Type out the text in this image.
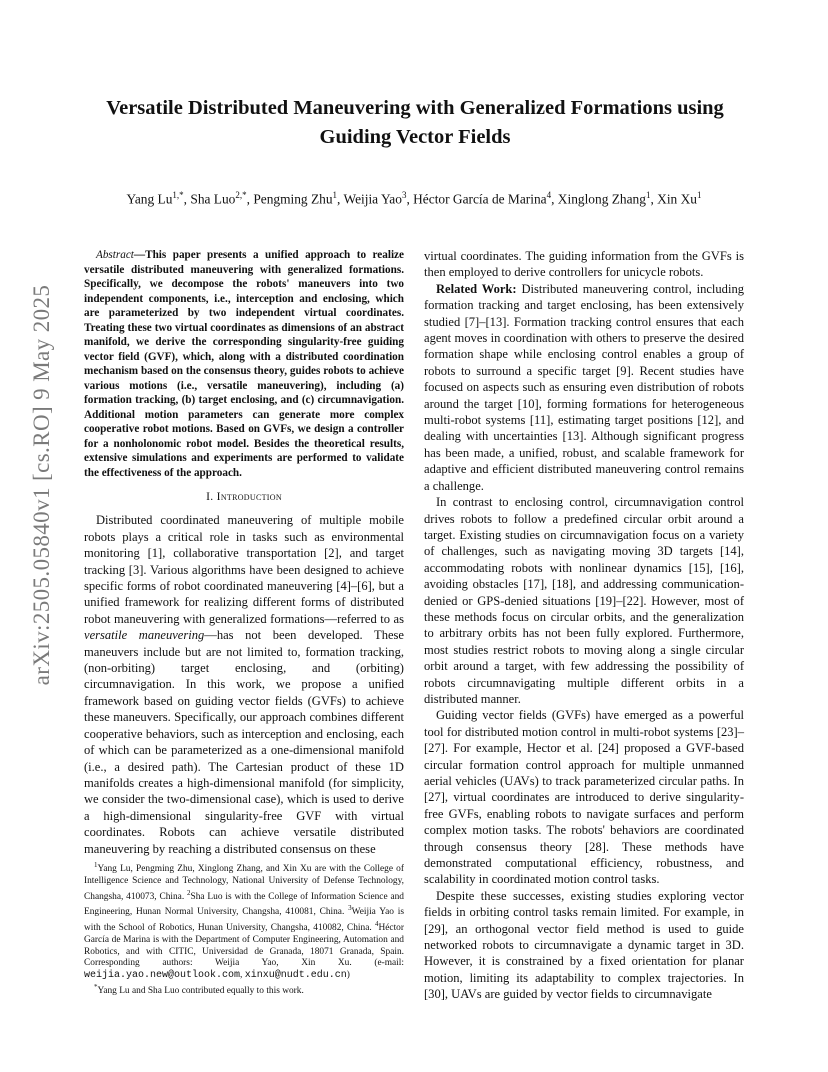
arXiv:2505.05840v1 [cs.RO] 9 May 2025
Versatile Distributed Maneuvering with Generalized Formations using Guiding Vector Fields
Yang $Lu^{1,*}$, Sha Luo$^{2,*}$, Pengming Zhu$^1$, Weijia Yao$^3$, Héctor García de Marina$^4$, Xinglong Zhang$^1$, Xin Xu$^1$

Abstract—This paper presents a unified approach to realize versatile distributed maneuvering with generalized formations. Specifically, we decompose the robots' maneuvers into two independent components, i.e., interception and enclosing, which are parameterized by two independent virtual coordinates. Treating these two virtual coordinates as dimensions of an abstract manifold, we derive the corresponding singularity-free guiding vector field (GVF), which, along with a distributed coordination mechanism based on the consensus theory, guides robots to achieve various motions (i.e., versatile maneuvering), including (a) formation tracking, (b) target enclosing, and (c) circumnavigation. Additional motion parameters can generate more complex cooperative robot motions. Based on GVFs, we design a controller for a nonholonomic robot model. Besides the theoretical results, extensive simulations and experiments are performed to validate the effectiveness of the approach.

I. Introduction

Distributed coordinated maneuvering of multiple mobile robots plays a critical role in tasks such as environmental monitoring [1], collaborative transportation [2], and target tracking [3]. Various algorithms have been designed to achieve specific forms of robot coordinated maneuvering [4]–[6], but a unified framework for realizing different forms of distributed robot maneuvering with generalized formations—referred to as versatile maneuvering—has not been developed. These maneuvers include but are not limited to, formation tracking, (non-orbiting) target enclosing, and (orbiting) circumnavigation. In this work, we propose a unified framework based on guiding vector fields (GVFs) to achieve these maneuvers. Specifically, our approach combines different cooperative behaviors, such as interception and enclosing, each of which can be parameterized as a one-dimensional manifold (i.e., a desired path). The Cartesian product of these 1D manifolds creates a high-dimensional manifold (for simplicity, we consider the two-dimensional case), which is used to derive a high-dimensional singularity-free GVF with virtual coordinates. Robots can achieve versatile distributed maneuvering by reaching a distributed consensus on these

virtual coordinates. The guiding information from the GVFs is then employed to derive controllers for unicycle robots.

Related Work: Distributed maneuvering control, including formation tracking and target enclosing, has been extensively studied [7]–[13]. Formation tracking control ensures that each agent moves in coordination with others to preserve the desired formation shape while enclosing control enables a group of robots to surround a specific target [9]. Recent studies have focused on aspects such as ensuring even distribution of robots around the target [10], forming formations for heterogeneous multi-robot systems [11], estimating target positions [12], and dealing with uncertainties [13]. Although significant progress has been made, a unified, robust, and scalable framework for adaptive and efficient distributed maneuvering control remains a challenge.

In contrast to enclosing control, circumnavigation control drives robots to follow a predefined circular orbit around a target. Existing studies on circumnavigation focus on a variety of challenges, such as navigating moving 3D targets [14], accommodating robots with nonlinear dynamics [15], [16], avoiding obstacles [17], [18], and addressing communication-denied or GPS-denied situations [19]–[22]. However, most of these methods focus on circular orbits, and the generalization to arbitrary orbits has not been fully explored. Furthermore, most studies restrict robots to moving along a single circular orbit around a target, with few addressing the possibility of robots circumnavigating multiple different orbits in a distributed manner.

Guiding vector fields (GVFs) have emerged as a powerful tool for distributed motion control in multi-robot systems [23]–[27]. For example, Hector et al. [24] proposed a GVF-based circular formation control approach for multiple unmanned aerial vehicles (UAVs) to track parameterized circular paths. In [27], virtual coordinates are introduced to derive singularity-free GVFs, enabling robots to navigate surfaces and perform complex motion tasks. The robots' behaviors are coordinated through consensus theory [28]. These methods have demonstrated computational efficiency, robustness, and scalability in coordinated motion control tasks.

Despite these successes, existing studies exploring vector fields in orbiting control tasks remain limited. For example, in [29], an orthogonal vector field method is used to guide networked robots to circumnavigate a dynamic target in 3D. However, it is constrained by a fixed orientation for planar motion, limiting its adaptability to complex trajectories. In [30], UAVs are guided by vector fields to circumnavigate

$^1$Yang Lu, Pengming Zhu, Xinglong Zhang, and Xin Xu are with the College of Intelligence Science and Technology, National University of Defense Technology, Changsha, 410073, China. $^2$Sha Luo is with the College of Information Science and Engineering, Hunan Normal University, Changsha, 410081, China. $^3$Weijia Yao is with the School of Robotics, Hunan University, Changsha, 410082, China. $^4$Héctor García de Marina is with the Department of Computer Engineering, Automation and Robotics, and with CITIC, Universidad de Granada, 18071 Granada, Spain. Corresponding authors: Weijia Yao, Xin Xu. (e-mail: weijia.yao.new@outlook.com, xinxu@nudt.edu.cn)

*Yang Lu and Sha Luo contributed equally to this work.
